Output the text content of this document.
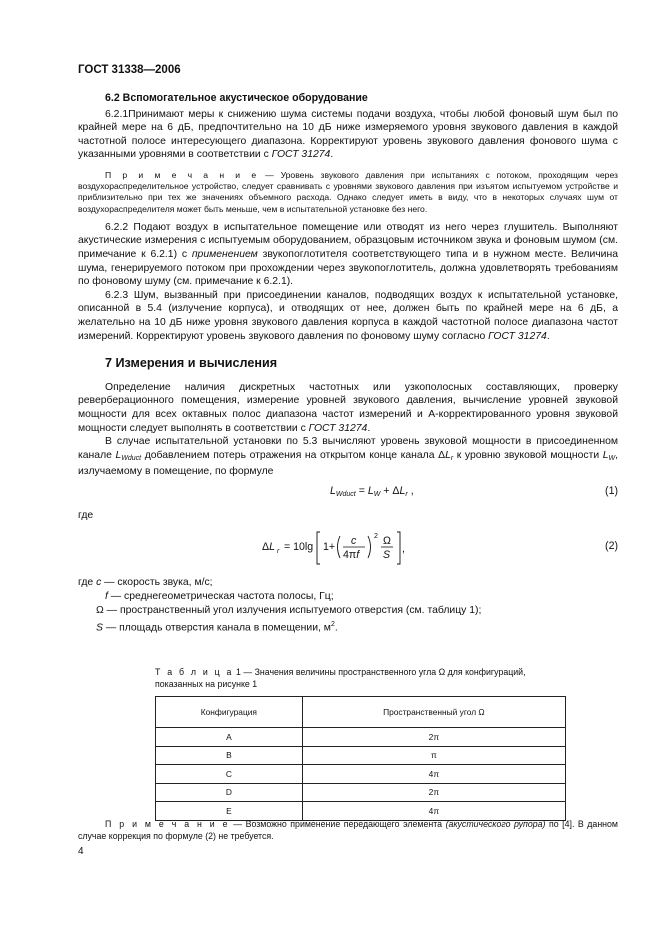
ГОСТ 31338—2006
6.2 Вспомогательное акустическое оборудование

6.2.1Принимают меры к снижению шума системы подачи воздуха, чтобы любой фоновый шум был по крайней мере на 6 дБ, предпочтительно на 10 дБ ниже измеряемого уровня звукового давления в каждой частотной полосе интересующего диапазона. Корректируют уровень звукового давления фонового шума с указанными уровнями в соответствии с ГОСТ 31274.

П р и м е ч а н и е — Уровень звукового давления при испытаниях с потоком, проходящим через воздухораспределительное устройство, следует сравнивать с уровнями звукового давления при изъятом испытуемом устройстве и приблизительно при тех же значениях объемного расхода. Однако следует иметь в виду, что в некоторых случаях шум от воздухораспределителя может быть меньше, чем в испытательной установке без него.

6.2.2 Подают воздух в испытательное помещение или отводят из него через глушитель. Выполняют акустические измерения с испытуемым оборудованием, образцовым источником звука и фоновым шумом (см. примечание к 6.2.1) с применением звукопоглотителя соответствующего типа и в нужном месте. Величина шума, генерируемого потоком при прохождении через звукопоглотитель, должна удовлетворять требованиям по фоновому шуму (см. примечание к 6.2.1).

6.2.3 Шум, вызванный при присоединении каналов, подводящих воздух к испытательной установке, описанной в 5.4 (излучение корпуса), и отводящих от нее, должен быть по крайней мере на 6 дБ, а желательно на 10 дБ ниже уровня звукового давления корпуса в каждой частотной полосе диапазона частот измерений. Корректируют уровень звукового давления по фоновому шуму согласно ГОСТ 31274.

7 Измерения и вычисления

Определение наличия дискретных частотных или узкополосных составляющих, проверку реверберационного помещения, измерение уровней звукового давления, вычисление уровней звуковой мощности для всех октавных полос диапазона частот измерений и А-корректированного уровня звуковой мощности следует выполнять в соответствии с ГОСТ 31274.

В случае испытательной установки по 5.3 вычисляют уровень звуковой мощности в присоединенном канале $L_{Wduct}$ добавлением потерь отражения на открытом конце канала $\Delta L_r$ к уровню звуковой мощности $L_W$, излучаемому в помещение, по формуле

$L_{Wduct} = L_W + \Delta L_r$ ,	(1)
где
ΔL r = 10lg 1+ c
4πf
2 Ω
S ,	(2)
где c — скорость звука, м/с;
f — среднегеометрическая частота полосы, Гц;
Ω — пространственный угол излучения испытуемого отверстия (см. таблицу 1);
S — площадь отверстия канала в помещении, $м^2$.
Т а б л и ц а 1 — Значения величины пространственного угла Ω для конфигураций, показанных на рисунке 1
Конфигурация	Пространственный угол Ω
A	2π
B	π
C	4π
D	2π
E	4π
П р и м е ч а н и е — Возможно применение передающего элемента (акустического рупора) по [4]. В данном случае коррекция по формуле (2) не требуется.
4
